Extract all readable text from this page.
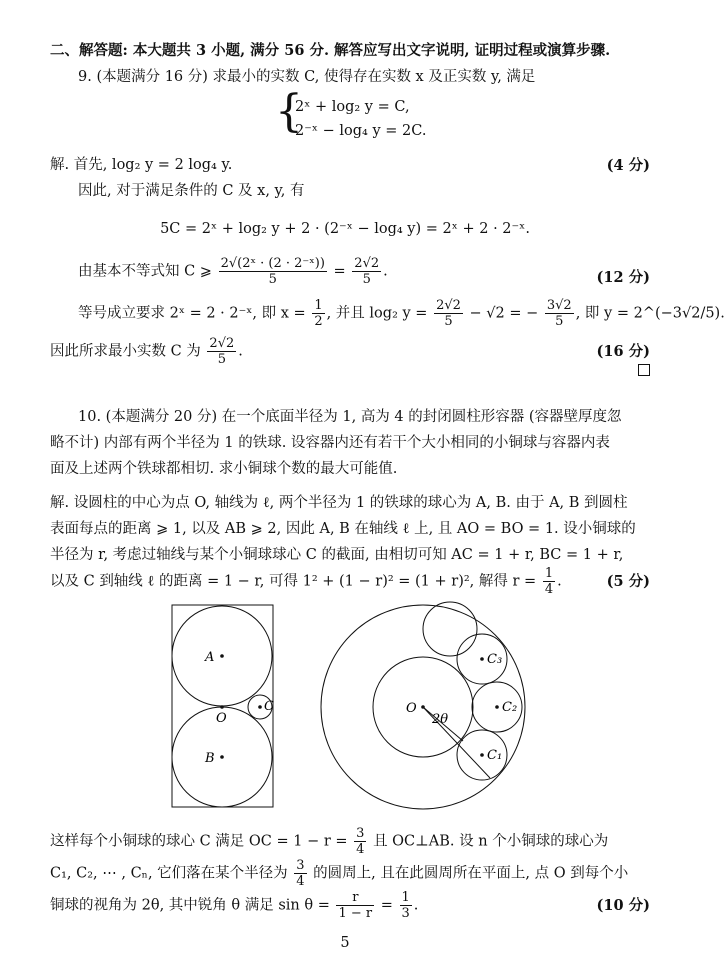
二、解答题: 本大题共 3 小题, 满分 56 分. 解答应写出文字说明, 证明过程或演算步骤.
9. (本题满分 16 分) 求最小的实数 C, 使得存在实数 x 及正实数 y, 满足
{
2ˣ + log₂ y = C,
2⁻ˣ − log₄ y = 2C.
解. 首先, log₂ y = 2 log₄ y.	(4 分)
因此, 对于满足条件的 C 及 x, y, 有
5C = 2ˣ + log₂ y + 2 · (2⁻ˣ − log₄ y) = 2ˣ + 2 · 2⁻ˣ.
由基本不等式知 C ⩾ $\frac{\text{2√(2ˣ · (2 · 2⁻ˣ))}}{5} = \frac{2√2}{5}$ .	(12 分)
等号成立要求 2ˣ = 2 · 2⁻ˣ, 即 $x = \frac{1}{2}$ , 并且 log₂ $y = \frac{2√2}{5} - √2$ = − $\frac{3√2}{5}$ , 即 y = 2^(−3√2/5).
因此所求最小实数 C 为 $\frac{2√2}{5}$ .	(16 分)
10. (本题满分 20 分) 在一个底面半径为 1, 高为 4 的封闭圆柱形容器 (容器壁厚度忽
略不计) 内部有两个半径为 1 的铁球. 设容器内还有若干个大小相同的小铜球与容器内表
面及上述两个铁球都相切. 求小铜球个数的最大可能值.
解. 设圆柱的中心为点 O, 轴线为 ℓ, 两个半径为 1 的铁球的球心为 A, B. 由于 A, B 到圆柱
表面每点的距离 ⩾ 1, 以及 AB ⩾ 2, 因此 A, B 在轴线 ℓ 上, 且 AO = BO = 1. 设小铜球的
半径为 r, 考虑过轴线与某个小铜球球心 C 的截面, 由相切可知 AC = 1 + r, BC = 1 + r,
以及 C 到轴线 ℓ 的距离 = 1 − r, 可得 1² + (1 − r)² = (1 + r)², 解得 $r = \frac{1}{4}$ .	(5 分)
A
O
B
C	O
2θ
C₃
C₂
C₁
这样每个小铜球的球心 C 满足 OC = $1 - r = \frac{3}{4}$ 且 OC⊥AB. 设 n 个小铜球的球心为
C₁, C₂, ⋯ , Cₙ, 它们落在某个半径为 $\frac{3}{4}$ 的圆周上, 且在此圆周所在平面上, 点 O 到每个小
铜球的视角为 2θ, 其中锐角 θ 满足 $\sin \theta = \frac{r}{1 - r} = \frac{1}{3}$ .	(10 分)
5
